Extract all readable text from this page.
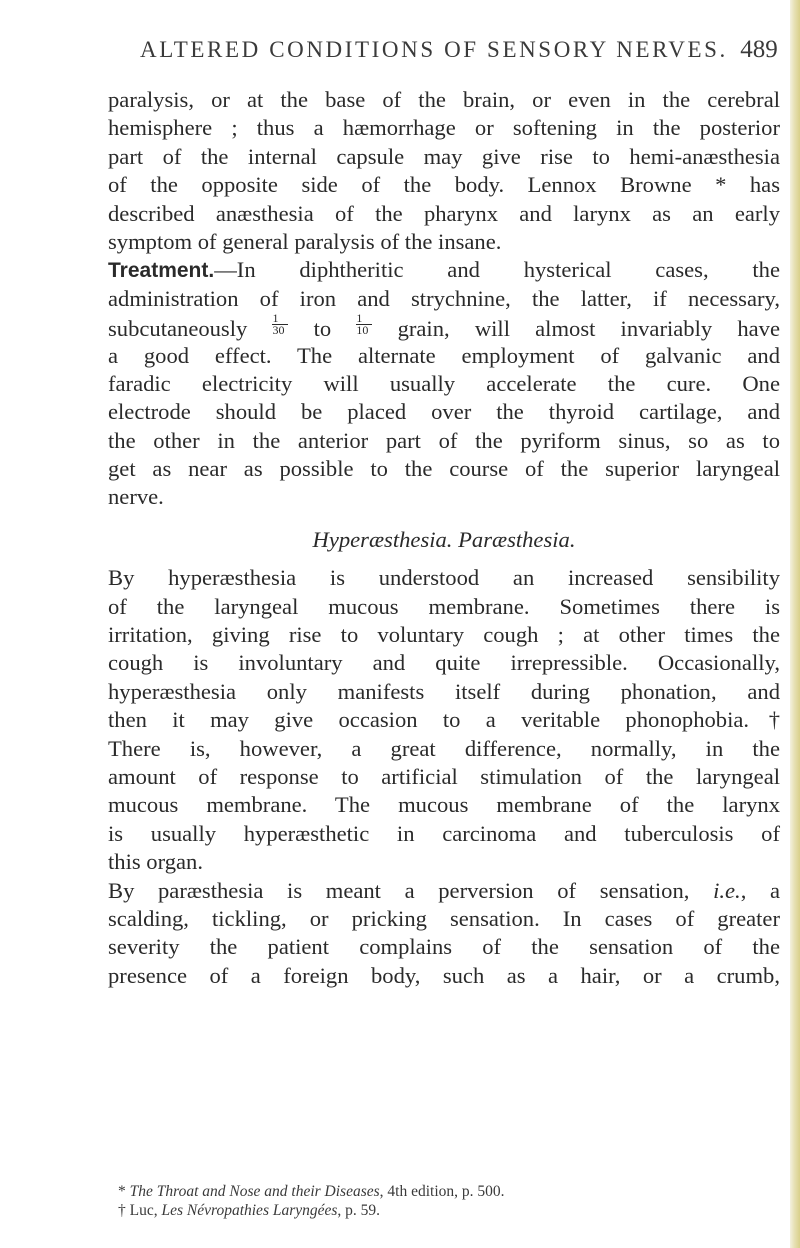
ALTERED CONDITIONS OF SENSORY NERVES. 489
paralysis, or at the base of the brain, or even in the cerebral
hemisphere ; thus a hæmorrhage or softening in the posterior
part of the internal capsule may give rise to hemi-anæsthesia
of the opposite side of the body. Lennox Browne * has
described anæsthesia of the pharynx and larynx as an early
symptom of general paralysis of the insane.
Treatment.—In diphtheritic and hysterical cases, the
administration of iron and strychnine, the latter, if necessary,
subcutaneously $\frac{1}{30}$ to $\frac{1}{10}$ grain, will almost invariably have
a good effect. The alternate employment of galvanic and
faradic electricity will usually accelerate the cure. One
electrode should be placed over the thyroid cartilage, and
the other in the anterior part of the pyriform sinus, so as to
get as near as possible to the course of the superior laryngeal
nerve.
Hyperæsthesia. Paræsthesia.
By hyperæsthesia is understood an increased sensibility
of the laryngeal mucous membrane. Sometimes there is
irritation, giving rise to voluntary cough ; at other times the
cough is involuntary and quite irrepressible. Occasionally,
hyperæsthesia only manifests itself during phonation, and
then it may give occasion to a veritable phonophobia.†
There is, however, a great difference, normally, in the
amount of response to artificial stimulation of the laryngeal
mucous membrane. The mucous membrane of the larynx
is usually hyperæsthetic in carcinoma and tuberculosis of
this organ.
By paræsthesia is meant a perversion of sensation, i.e., a
scalding, tickling, or pricking sensation. In cases of greater
severity the patient complains of the sensation of the
presence of a foreign body, such as a hair, or a crumb,
* The Throat and Nose and their Diseases, 4th edition, p. 500.
† Luc, Les Névropathies Laryngées, p. 59.
